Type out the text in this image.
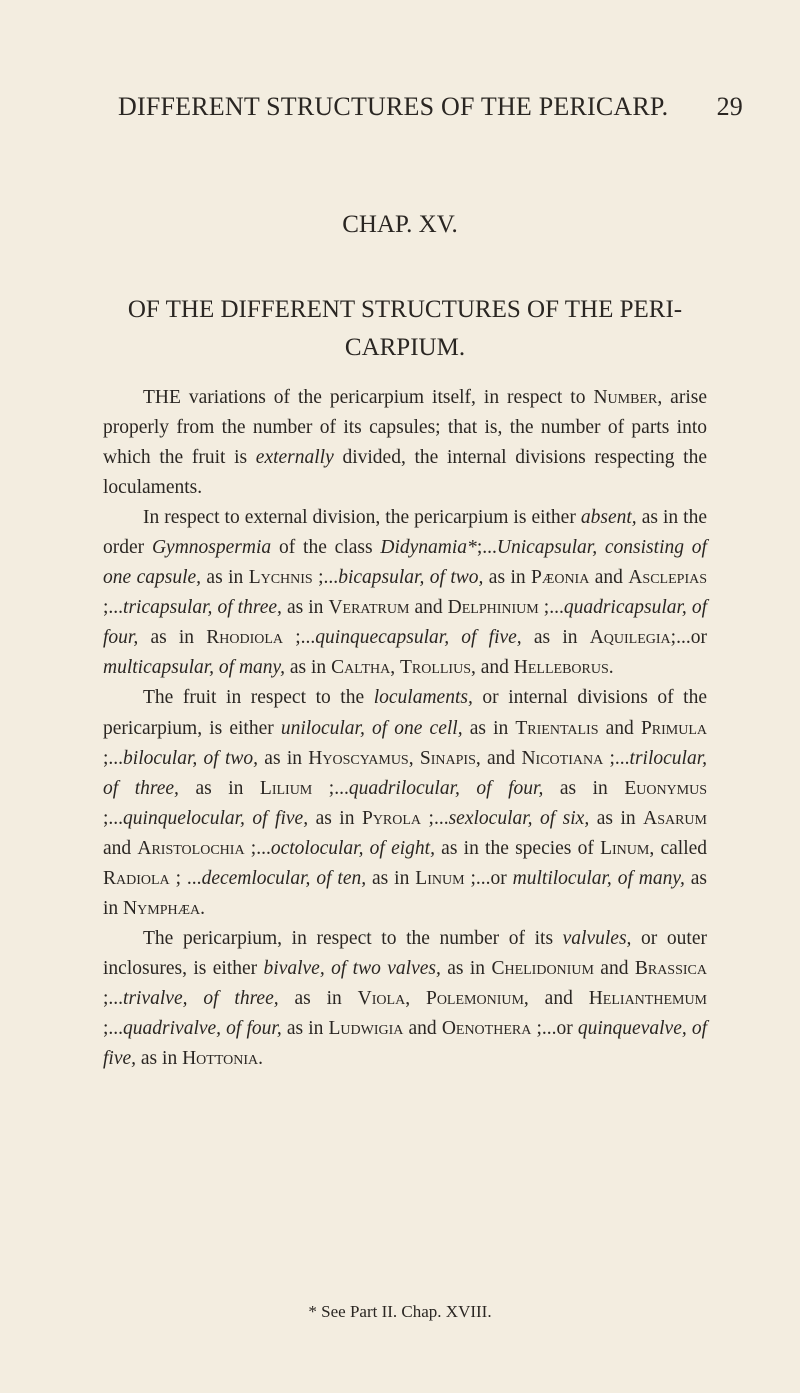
DIFFERENT STRUCTURES OF THE PERICARP. 29
CHAP. XV.
OF THE DIFFERENT STRUCTURES OF THE PERI-
CARPIUM.

THE variations of the pericarpium itself, in respect to Number, arise properly from the number of its capsules; that is, the number of parts into which the fruit is externally divided, the internal divisions respecting the loculaments.

In respect to external division, the pericarpium is either absent, as in the order Gymnospermia of the class Didynamia*;...Unicapsular, consisting of one capsule, as in Lychnis ;...bicapsular, of two, as in Pæonia and Asclepias ;...tricapsular, of three, as in Veratrum and Delphinium ;...quadricapsular, of four, as in Rhodiola ;...quinquecapsular, of five, as in Aquilegia;...or multicapsular, of many, as in Caltha, Trollius, and Helleborus.

The fruit in respect to the loculaments, or internal divisions of the pericarpium, is either unilocular, of one cell, as in Trientalis and Primula ;...bilocular, of two, as in Hyoscyamus, Sinapis, and Nicotiana ;...trilocular, of three, as in Lilium ;...quadrilocular, of four, as in Euonymus ;...quinquelocular, of five, as in Pyrola ;...sexlocular, of six, as in Asarum and Aristolochia ;...octolocular, of eight, as in the species of Linum, called Radiola ; ...decemlocular, of ten, as in Linum ;...or multilocular, of many, as in Nymphæa.

The pericarpium, in respect to the number of its valvules, or outer inclosures, is either bivalve, of two valves, as in Chelidonium and Brassica ;...trivalve, of three, as in Viola, Polemonium, and Helianthemum ;...quadrivalve, of four, as in Ludwigia and Oenothera ;...or quinquevalve, of five, as in Hottonia.

* See Part II. Chap. XVIII.
